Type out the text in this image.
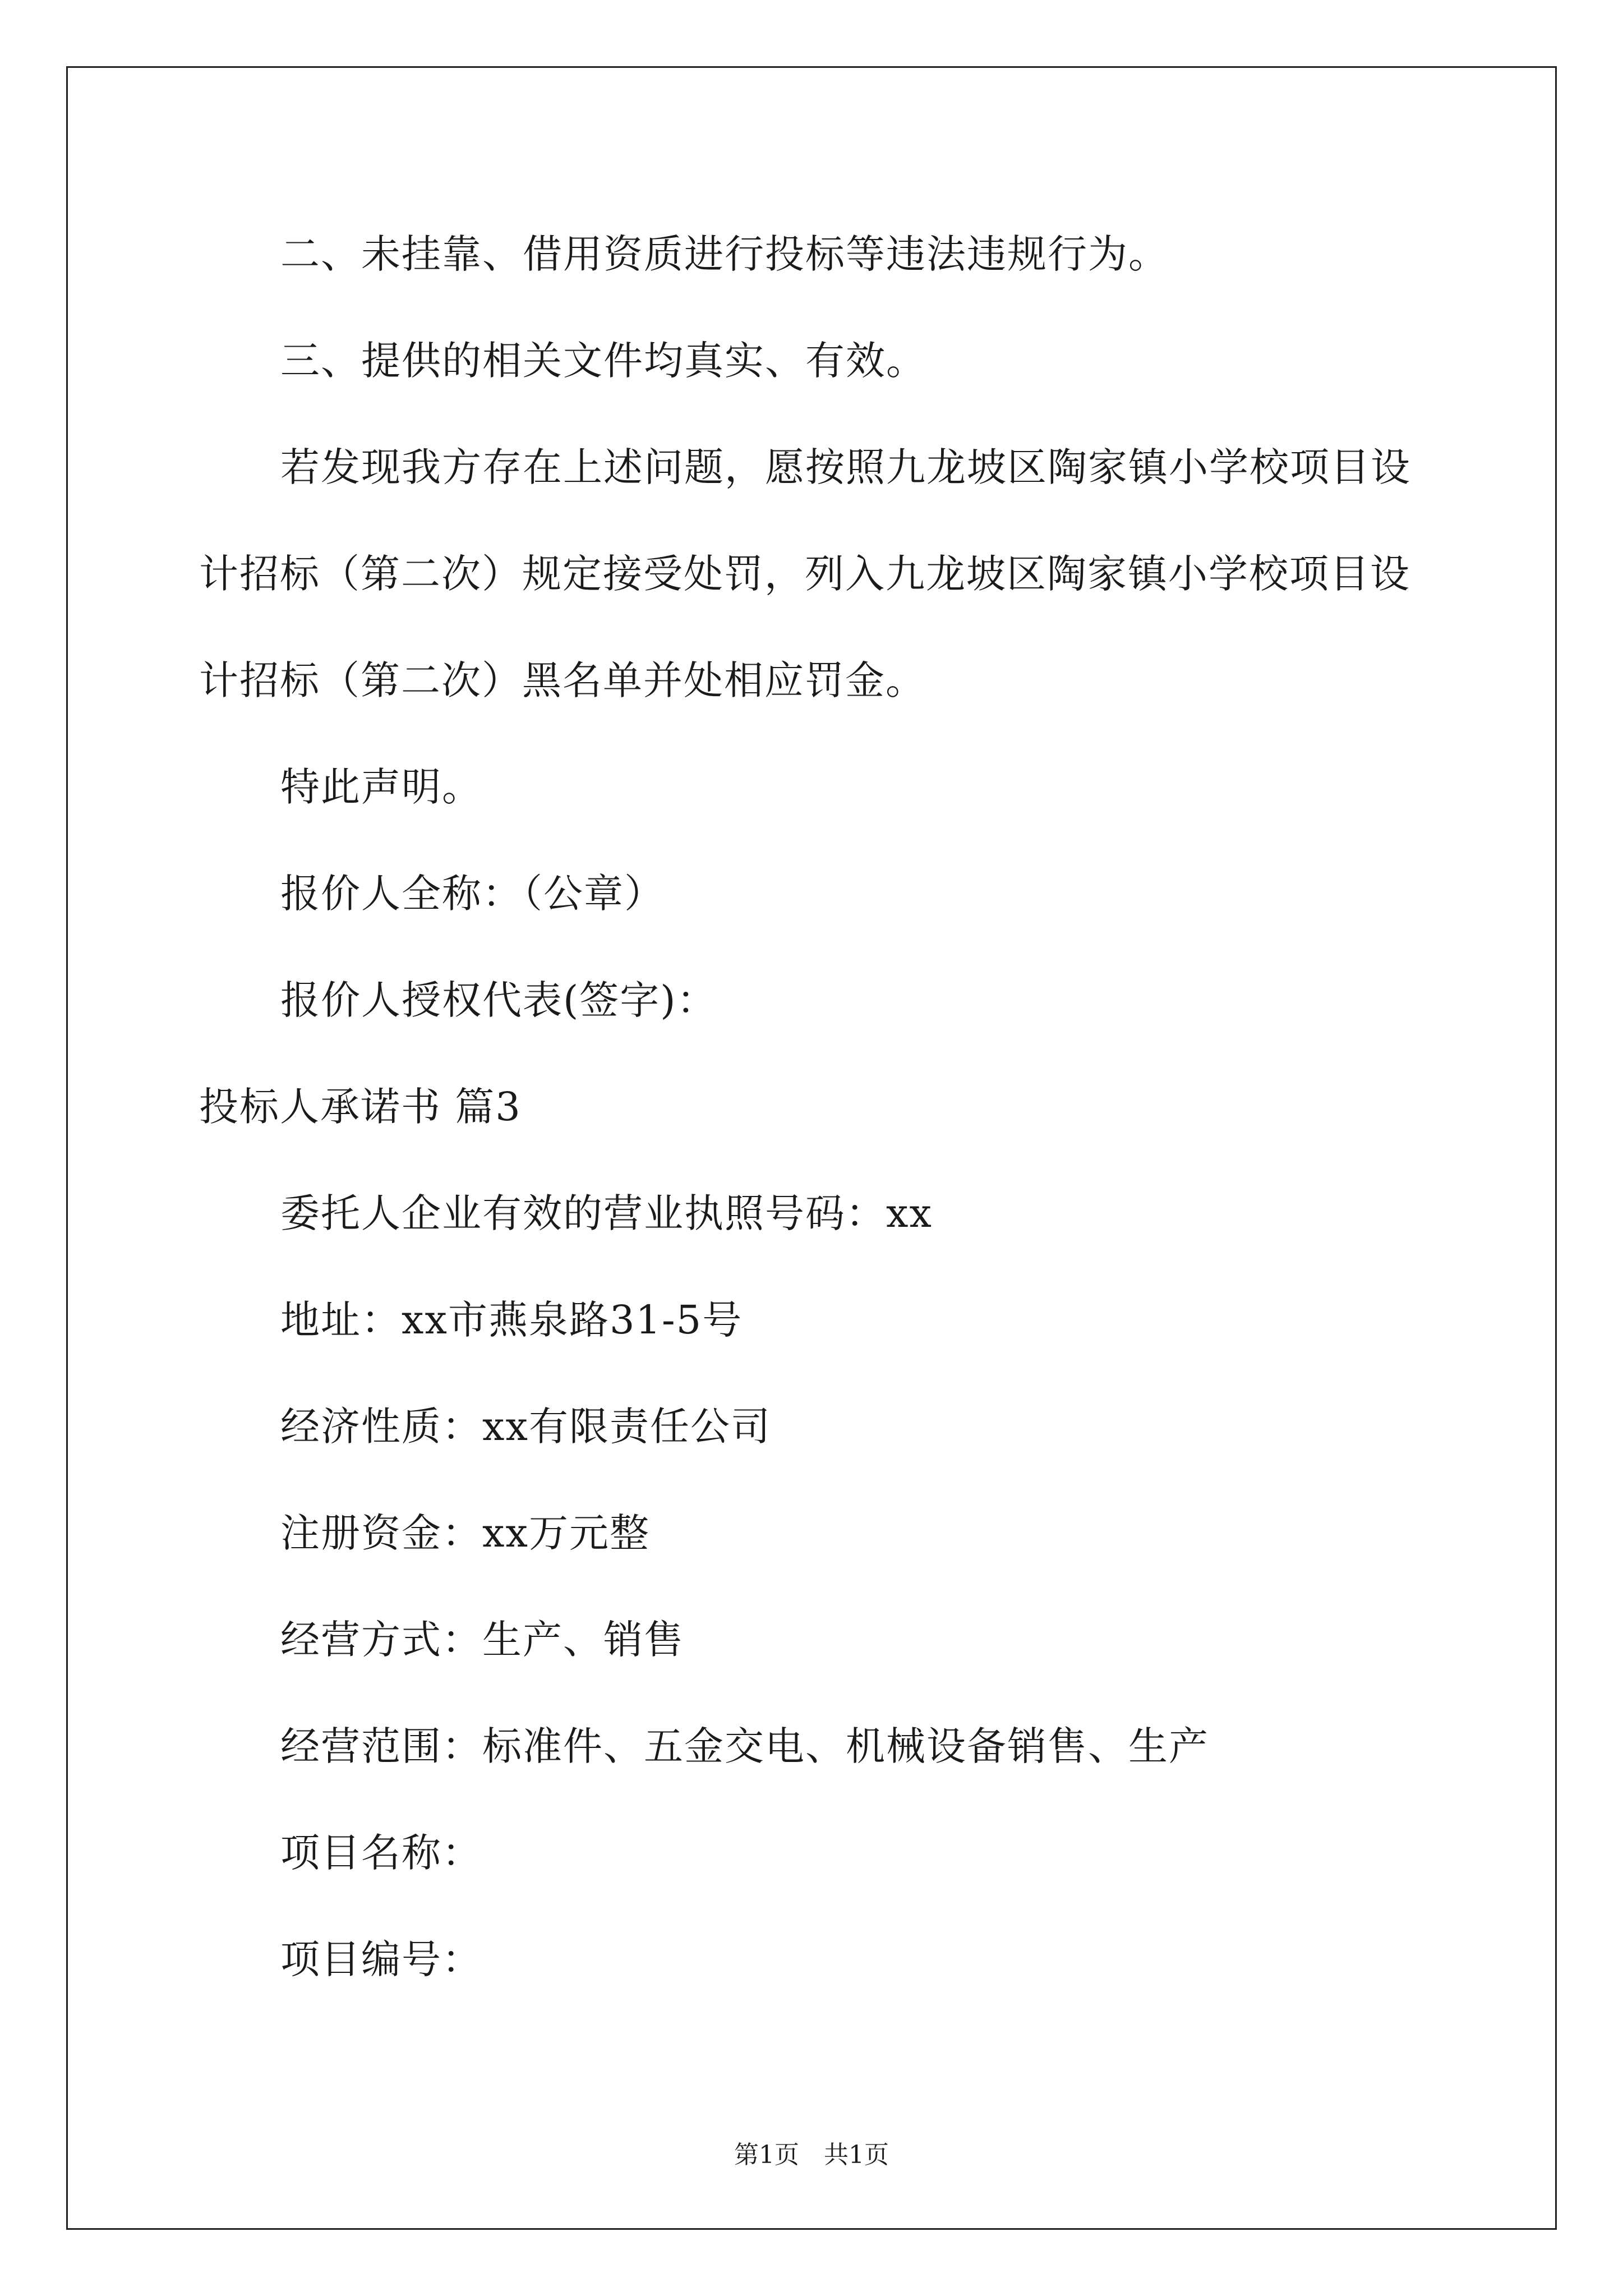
二、未挂靠、借用资质进行投标等违法违规行为。
三、提供的相关文件均真实、有效。
若发现我方存在上述问题，愿按照九龙坡区陶家镇小学校项目设
计招标（第二次）规定接受处罚，列入九龙坡区陶家镇小学校项目设
计招标（第二次）黑名单并处相应罚金。
特此声明。
报价人全称：（公章）
报价人授权代表(签字)：
投标人承诺书 篇3
委托人企业有效的营业执照号码：xx
地址：xx市燕泉路31-5号
经济性质：xx有限责任公司
注册资金：xx万元整
经营方式：生产、销售
经营范围：标准件、五金交电、机械设备销售、生产
项目名称：
项目编号：
第1页　共1页
